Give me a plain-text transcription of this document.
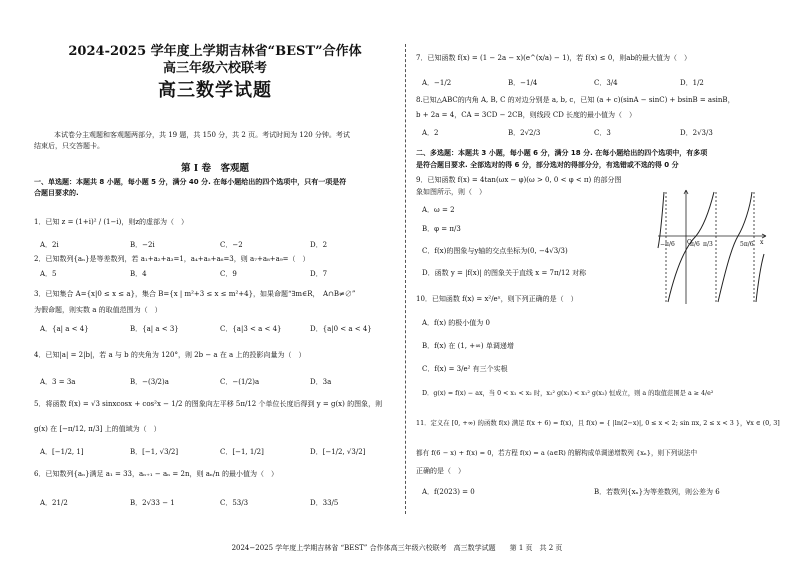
2024-2025 学年度上学期吉林省“BEST”合作体
高三年级六校联考
高三数学试题
本试卷分主观题和客观题两部分，共 19 题，共 150 分，共 2 页。考试时间为 120 分钟。考试
结束后，只交答题卡。
第 I 卷　客观题
一、单选题：本题共 8 小题，每小题 5 分，满分 40 分. 在每小题给出的四个选项中，只有一项是符
合题目要求的.
1．已知 z = (1+i)² / (1−i)，则z的虚部为（　）
A．2i	B．−2i	C．−2	D．2
2．已知数列{aₙ}是等差数列，若 a₁+a₂+a₃=1，a₄+a₅+a₆=3，则 a₇+a₈+a₉=（　）
A．5	B．4	C．9	D．7
3．已知集合 A={x|0 ≤ x ≤ a}，集合 B={x | m²+3 ≤ x ≤ m²+4}，如果命题“∃m∈R，　A∩B≠∅”
为假命题，则实数 a 的取值范围为（　）
A．{a| a < 4}	B．{a| a < 3}	C．{a|3 < a < 4}	D．{a|0 < a < 4}
4．已知|a| = 2|b|，若 a 与 b 的夹角为 120°，则 2b − a 在 a 上的投影向量为（　）
A．3 = 3a	B．−(3/2)a	C．−(1/2)a	D．3a
5．将函数 f(x) = √3 sinxcosx + cos²x − 1/2 的图象向左平移 5π/12 个单位长度后得到 y = g(x) 的图象，则
g(x) 在 [−π/12, π/3] 上的值域为（　）
A．[−1/2, 1]	B．[−1, √3/2]	C．[−1, 1/2]	D．[−1/2, √3/2]
6．已知数列{aₙ}满足 a₁ = 33，aₙ₊₁ − aₙ = 2n，则 aₙ/n 的最小值为（　）
A．21/2	B．2√33 − 1	C．53/3	D．33/5
7．已知函数 f(x) = (1 − 2a − x)(e^(x/a) − 1)，若 f(x) ≤ 0，则ab的最大值为（　）
A．−1/2	B．−1/4	C．3/4	D．1/2
8.已知△ABC的内角 A, B, C 的对边分别是 a, b, c，已知 (a + c)(sinA − sinC) + bsinB = asinB，
b + 2a = 4，CA = 3CD − 2CB，则线段 CD 长度的最小值为（　）
A．2	B．2√2/3	C．3	D．2√3/3
二、多选题：本题共 3 小题，每小题 6 分，满分 18 分. 在每小题给出的四个选项中，有多项
是符合题目要求. 全部选对的得 6 分，部分选对的得部分分，有选错或不选的得 0 分
9．已知函数 f(x) = 4tan(ωx − φ)(ω > 0, 0 < φ < π) 的部分图
象如图所示，则（　）
A．ω = 2
B．φ = π/3
C．f(x)的图象与y轴的交点坐标为(0, −4√3/3)
D．函数 y = |f(x)| 的图象关于直线 x = 7π/12 对称
O	x
π/6 π/3	5π/6
−π/6
10．已知函数 f(x) = x²/eˣ，则下列正确的是（　）
A．f(x) 的极小值为 0
B．f(x) 在 (1, +∞) 单调递增
C．f(x) = 3/e² 有三个实根
D．g(x) = f(x) − ax，当 0 < x₁ < x₂ 时，x₂² g(x₁) < x₁² g(x₂) 恒成立，则 a 的取值范围是 a ≥ 4/e²
11．定义在 [0, +∞) 的函数 f(x) 满足 f(x + 6) = f(x)，且 f(x) = { |ln(2−x)|, 0 ≤ x < 2; sin πx, 2 ≤ x < 3 }，∀x ∈ (0, 3]
都有 f(6 − x) + f(x) = 0，若方程 f(x) = a (a∈R) 的解构成单调递增数列 {xₙ}，则下列说法中
正确的是（　）
A．f(2023) = 0	B．若数列{xₙ}为等差数列，则公差为 6
2024−2025 学年度上学期吉林省 “BEST” 合作体高三年级六校联考　高三数学试题　　第 1 页　共 2 页
